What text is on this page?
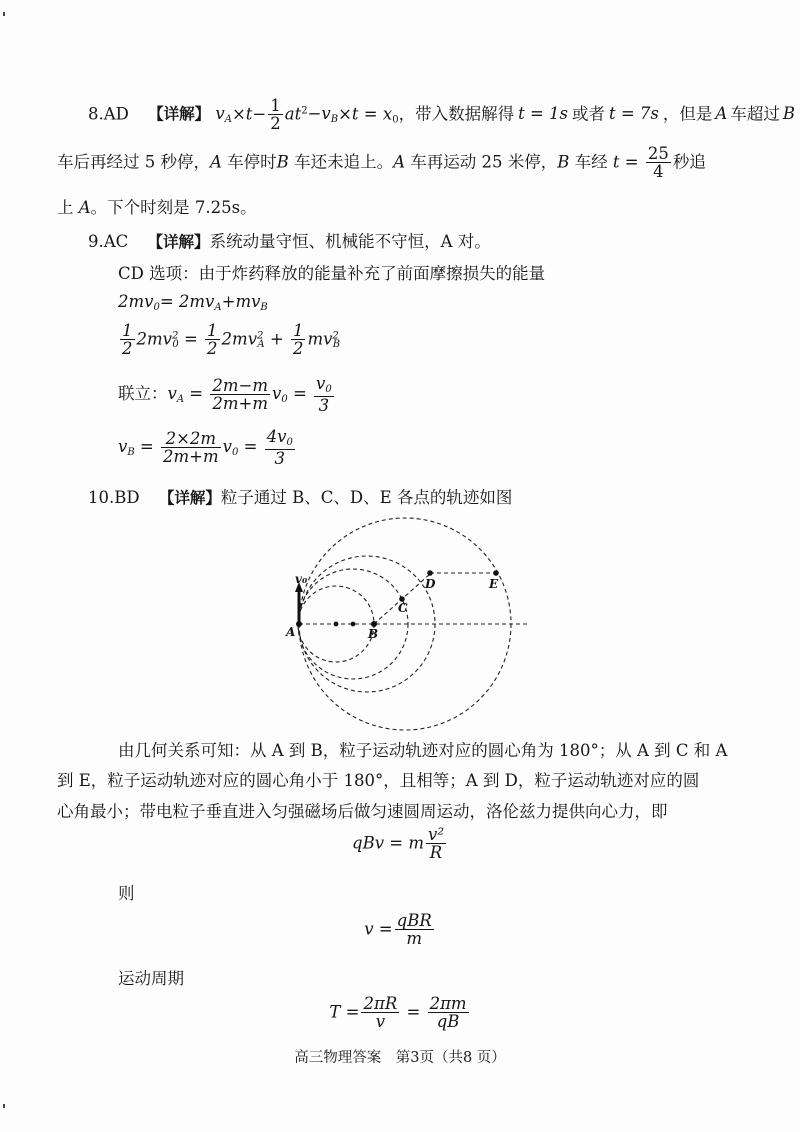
8.AD 【详解】 $v_A\times t- \frac{1}{2} at^2-v_B\times t = x_0$，带入数据解得 t = 1s 或者 t = 7s ，但是 A 车超过 B
车后再经过 5 秒停，A 车停时B 车还未追上。A 车再运动 25 米停，B 车经 $t = \frac{25}{4}$ 秒追
上 A。下个时刻是 7.25s。
9.AC 【详解】系统动量守恒、机械能不守恒，A 对。
CD 选项：由于炸药释放的能量补充了前面摩擦损失的能量
$2mv_0= 2mv_A+mv_B$
$\frac{1}{2} 2mv^2_0 = \frac{1}{2} 2mv^2_A + \frac{1}{2} mv^2_B$
联立：$v_A = \frac{2m-m}{2m+m} v_0 = \frac{v_0}{3}$
$v_B = \frac{2\times 2m}{2m+m} v_0 = \frac{4v_0}{3}$
10.BD 【详解】粒子通过 B、C、D、E 各点的轨迹如图
A	B
C
D	E
v₀
由几何关系可知：从 A 到 B，粒子运动轨迹对应的圆心角为 180°；从 A 到 C 和 A
到 E，粒子运动轨迹对应的圆心角小于 180°，且相等；A 到 D，粒子运动轨迹对应的圆
心角最小；带电粒子垂直进入匀强磁场后做匀速圆周运动，洛伦兹力提供向心力，即
qBv = m $\frac{\text{v²}}{R}$
则
$v = \frac{\text{qBR}}{m}$
运动周期
$T = \frac{2\pi R}{v} = \frac{2\pi m}{qB}$
高三物理答案　第3页（共8 页）
